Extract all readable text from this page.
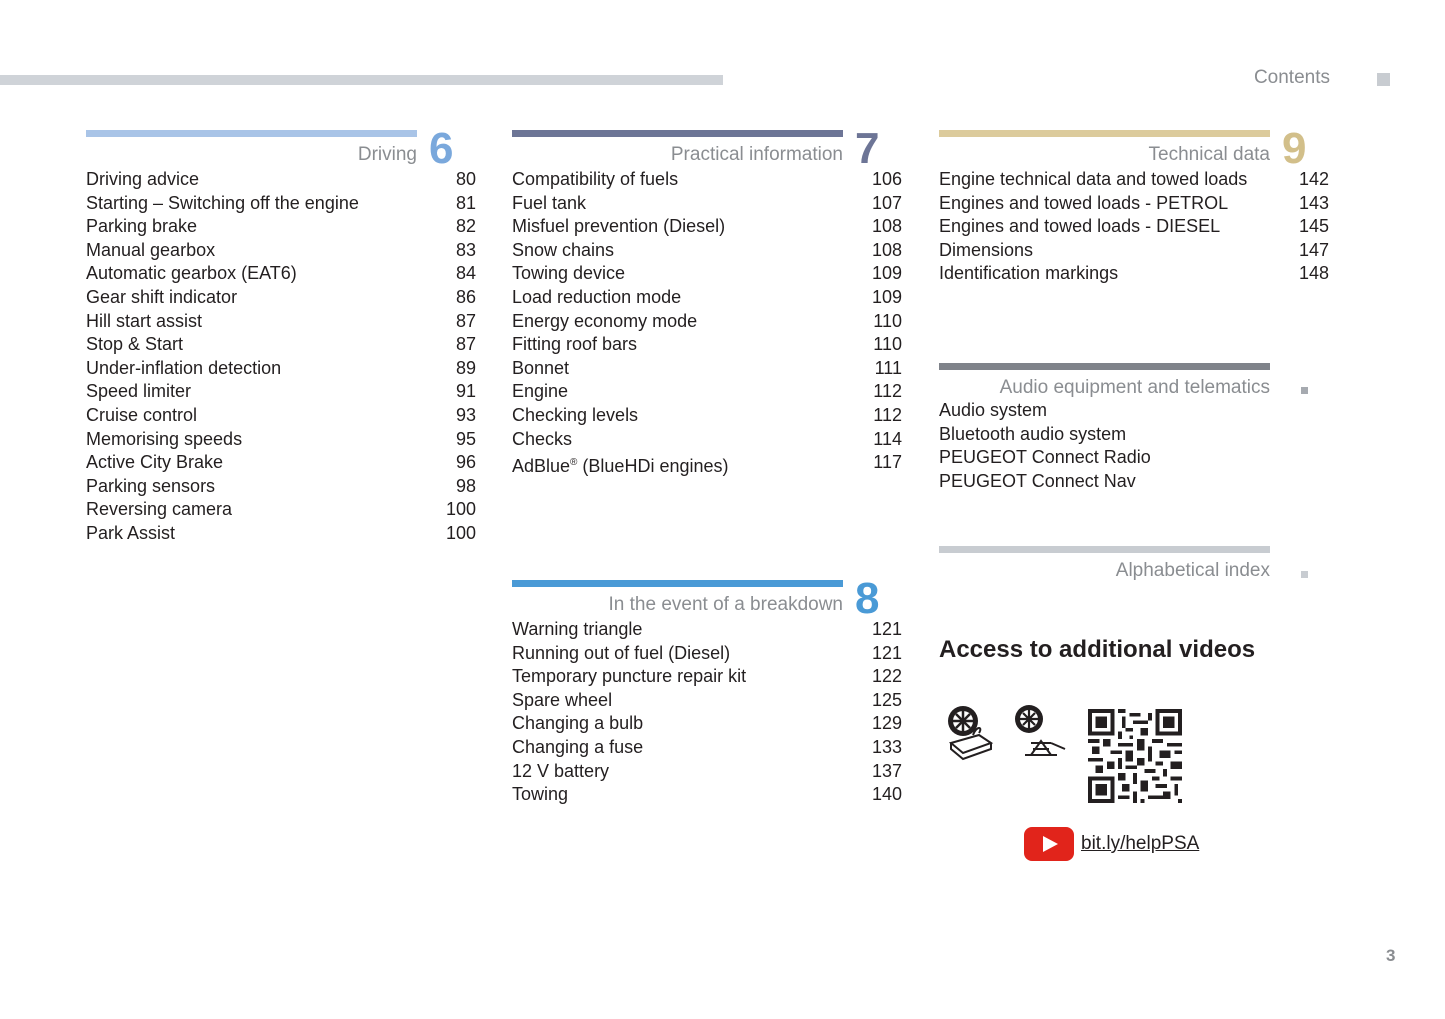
Contents
Driving 6
Driving advice	80
Starting – Switching off the engine	81
Parking brake	82
Manual gearbox	83
Automatic gearbox (EAT6)	84
Gear shift indicator	86
Hill start assist	87
Stop & Start	87
Under-inflation detection	89
Speed limiter	91
Cruise control	93
Memorising speeds	95
Active City Brake	96
Parking sensors	98
Reversing camera	100
Park Assist	100
Practical information 7
Compatibility of fuels	106
Fuel tank	107
Misfuel prevention (Diesel)	108
Snow chains	108
Towing device	109
Load reduction mode	109
Energy economy mode	110
Fitting roof bars	110
Bonnet	111
Engine	112
Checking levels	112
Checks	114
AdBlue® (BlueHDi engines)	117
In the event of a breakdown 8
Warning triangle	121
Running out of fuel (Diesel)	121
Temporary puncture repair kit	122
Spare wheel	125
Changing a bulb	129
Changing a fuse	133
12 V battery	137
Towing	140
Technical data 9
Engine technical data and towed loads	142
Engines and towed loads - PETROL	143
Engines and towed loads - DIESEL	145
Dimensions	147
Identification markings	148
Audio equipment and telematics
Audio system
Bluetooth audio system
PEUGEOT Connect Radio
PEUGEOT Connect Nav
Alphabetical index
Access to additional videos
bit.ly/helpPSA
3
